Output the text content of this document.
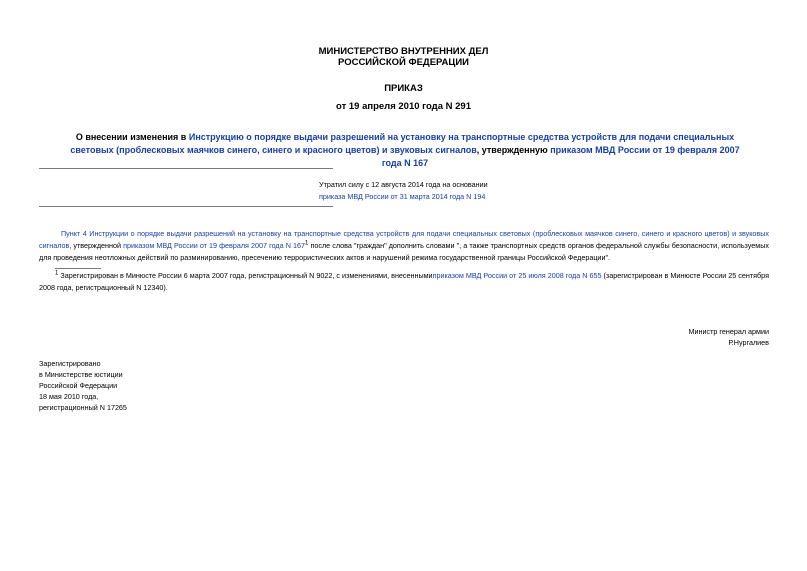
МИНИСТЕРСТВО ВНУТРЕННИХ ДЕЛ
РОССИЙСКОЙ ФЕДЕРАЦИИ
ПРИКАЗ
от 19 апреля 2010 года N 291
О внесении изменения в Инструкцию о порядке выдачи разрешений на установку на транспортные средства устройств для подачи специальных световых (проблесковых маячков синего, синего и красного цветов) и звуковых сигналов, утвержденную приказом МВД России от 19 февраля 2007 года N 167
Утратил силу с 12 августа 2014 года на основании
приказа МВД России от 31 марта 2014 года N 194
Пункт 4 Инструкции о порядке выдачи разрешений на установку на транспортные средства устройств для подачи специальных световых (проблесковых маячков синего, синего и красного цветов) и звуковых сигналов, утвержденной приказом МВД России от 19 февраля 2007 года N 167$^1$ после слова "граждан" дополнить словами ", а также транспортных средств органов федеральной службы безопасности, используемых для проведения неотложных действий по разминированию, пресечению террористических актов и нарушений режима государственной границы Российской Федерации".
$^1$ Зарегистрирован в Минюсте России 6 марта 2007 года, регистрационный N 9022, с изменениями, внесеннымиприказом МВД России от 25 июля 2008 года N 655 (зарегистрирован в Минюсте России 25 сентября 2008 года, регистрационный N 12340).
Министр генерал армии
Р.Нургалиев
Зарегистрировано
в Министерстве юстиции
Российской Федерации
18 мая 2010 года,
регистрационный N 17265
